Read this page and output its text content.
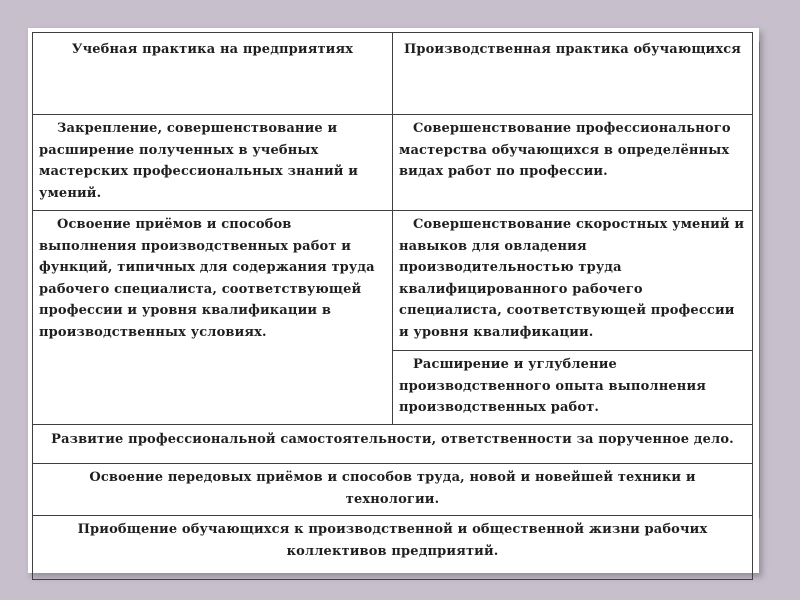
Учебная практика на предприятиях	Производственная практика обучающихся
Закрепление, совершенствование и расширение полученных в учебных мастерских профессиональных знаний и умений.	Совершенствование профессионального мастерства обучающихся в определённых видах работ по профессии.
Освоение приёмов и способов выполнения производственных работ и функций, типичных для содержания труда рабочего специалиста, соответствующей профессии и уровня квалификации в производственных условиях.	Совершенствование скоростных умений и навыков для овладения производительностью труда квалифицированного рабочего специалиста, соответствующей профессии и уровня квалификации.
	Расширение и углубление производственного опыта выполнения производственных работ.
Развитие профессиональной самостоятельности, ответственности за порученное дело.	
Освоение передовых приёмов и способов труда, новой и новейшей техники и технологии.	
Приобщение обучающихся к производственной и общественной жизни рабочих коллективов предприятий.	
